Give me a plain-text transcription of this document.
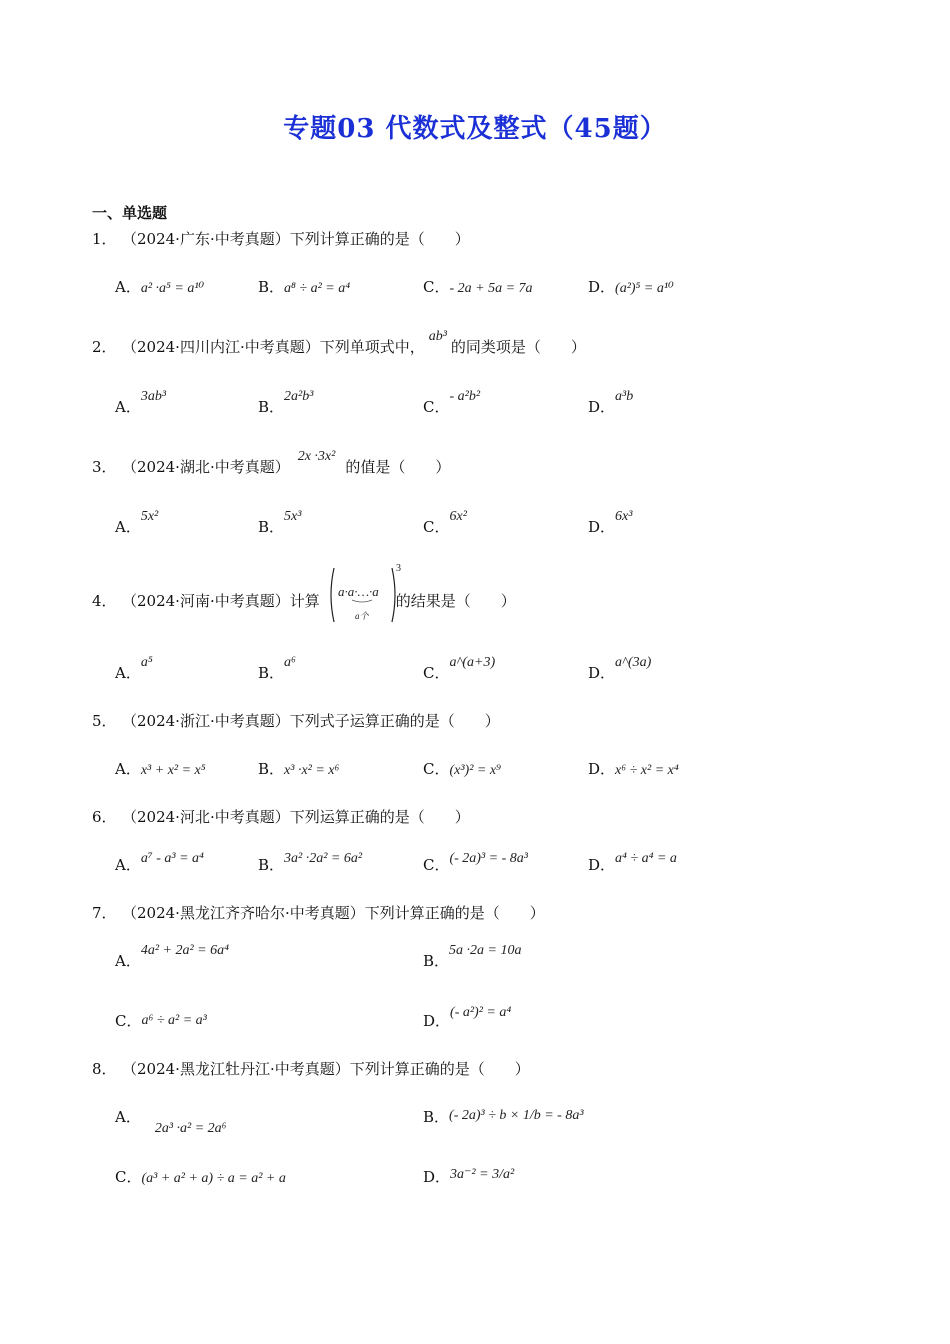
专题03 代数式及整式（45题）
一、单选题
1． （2024·广东·中考真题）下列计算正确的是（　　）
A．a² ·a⁵ = a¹⁰	B．a⁸ ÷ a² = a⁴	C．- 2a + 5a = 7a	D．(a²)⁵ = a¹⁰
2． （2024·四川内江·中考真题）下列单项式中，ab³的同类项是（　　）
A．3ab³
B．2a²b³
C．- a²b²
D．a³b
3． （2024·湖北·中考真题）2x ·3x²的值是（　　）
A．5x²
B．5x³
C．6x²
D．6x³
4． （2024·河南·中考真题）计算	的结果是（　　）
a·a·…·a
a个
3
A．a⁵
B．a⁶
C．a^(a+3)
D．a^(3a)
5． （2024·浙江·中考真题）下列式子运算正确的是（　　）
A．x³ + x² = x⁵	B．x³ ·x² = x⁶	C．(x³)² = x⁹	D．x⁶ ÷ x² = x⁴
6． （2024·河北·中考真题）下列运算正确的是（　　）
A．a⁷ - a³ = a⁴	B．3a² ·2a² = 6a²	C．(- 2a)³ = - 8a³	D．a⁴ ÷ a⁴ = a
7． （2024·黑龙江齐齐哈尔·中考真题）下列计算正确的是（　　）
A．4a² + 2a² = 6a⁴
B．5a ·2a = 10a
C．a⁶ ÷ a² = a³	D．(- a²)² = a⁴
8． （2024·黑龙江牡丹江·中考真题）下列计算正确的是（　　）
A．2a³ ·a² = 2a⁶
B．(- 2a)³ ÷ b × 1/b = - 8a³
C．(a³ + a² + a) ÷ a = a² + a	D．3a⁻² = 3/a²
